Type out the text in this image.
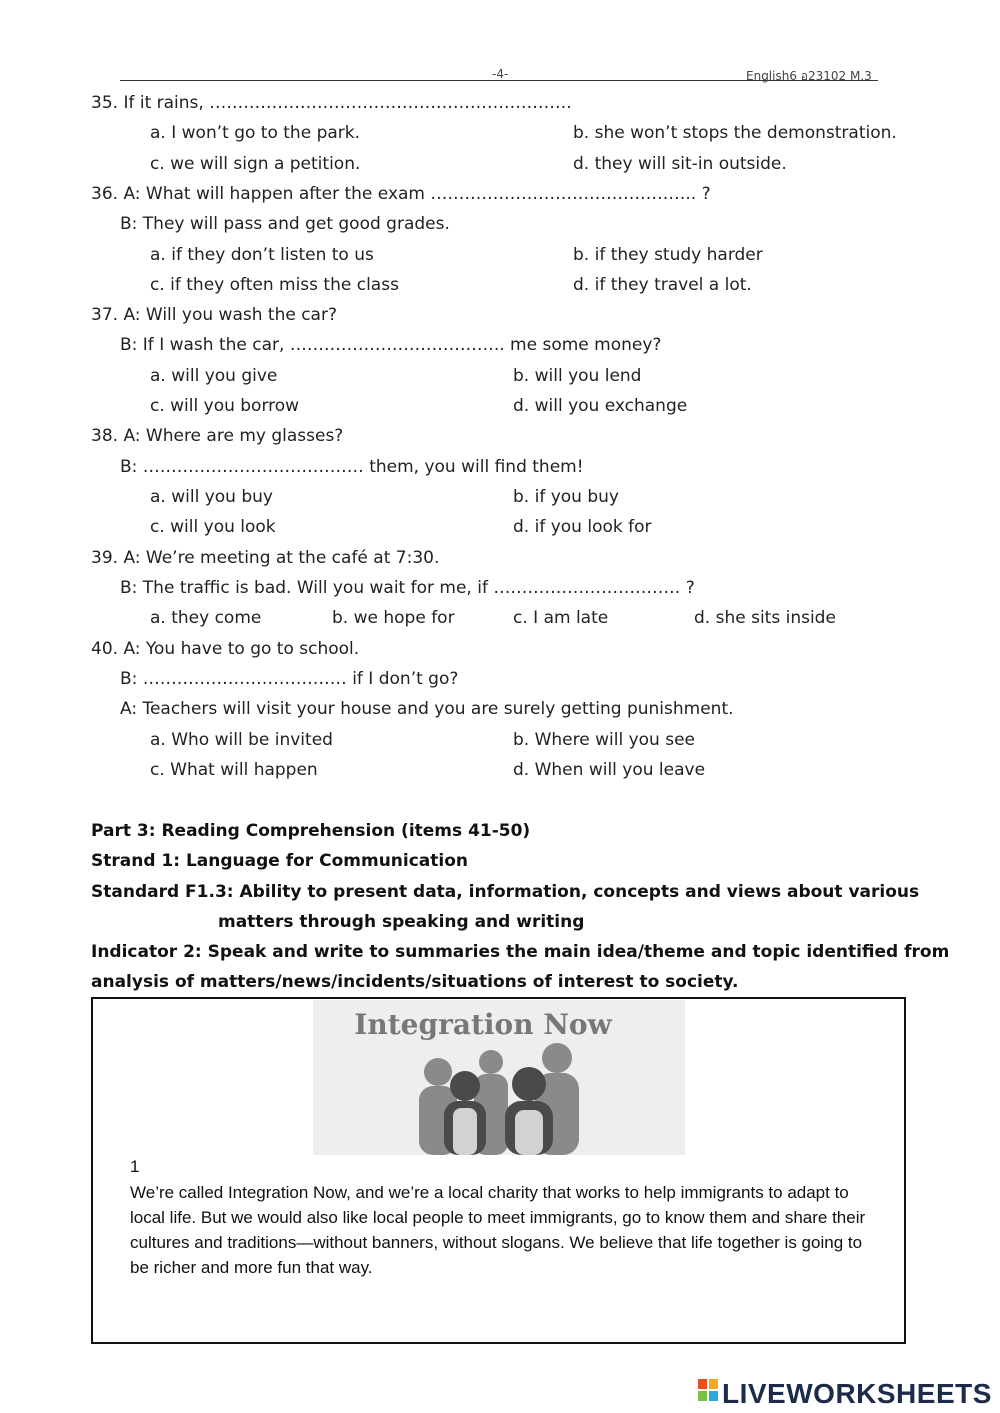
-4-	English6 อ23102 M.3
35. If it rains, ……………………………………………………….
a. I won’t go to the park.	b. she won’t stops the demonstration.
c. we will sign a petition.	d. they will sit-in outside.
36. A: What will happen after the exam ……………………………………….. ?
B: They will pass and get good grades.
a. if they don’t listen to us	b. if they study harder
c. if they often miss the class	d. if they travel a lot.
37. A: Will you wash the car?
B: If I wash the car, ……………………………….. me some money?
a. will you give	b. will you lend
c. will you borrow	d. will you exchange
38. A: Where are my glasses?
B: ………………………………… them, you will find them!
a. will you buy	b. if you buy
c. will you look	d. if you look for
39. A: We’re meeting at the café at 7:30.
B: The traffic is bad. Will you wait for me, if …………………………… ?
a. they come	b. we hope for	c. I am late	d. she sits inside
40. A: You have to go to school.
B: ……………………………… if I don’t go?
A: Teachers will visit your house and you are surely getting punishment.
a. Who will be invited	b. Where will you see
c. What will happen	d. When will you leave
Part 3: Reading Comprehension (items 41-50)
Strand 1: Language for Communication
Standard F1.3: Ability to present data, information, concepts and views about various
matters through speaking and writing
Indicator 2: Speak and write to summaries the main idea/theme and topic identified from
analysis of matters/news/incidents/situations of interest to society.
Integration Now
1
We’re called Integration Now, and we’re a local charity that works to help immigrants to adapt to local life. But we would also like local people to meet immigrants, go to know them and share their cultures and traditions—without banners, without slogans. We believe that life together is going to be richer and more fun that way.
LIVEWORKSHEETS
